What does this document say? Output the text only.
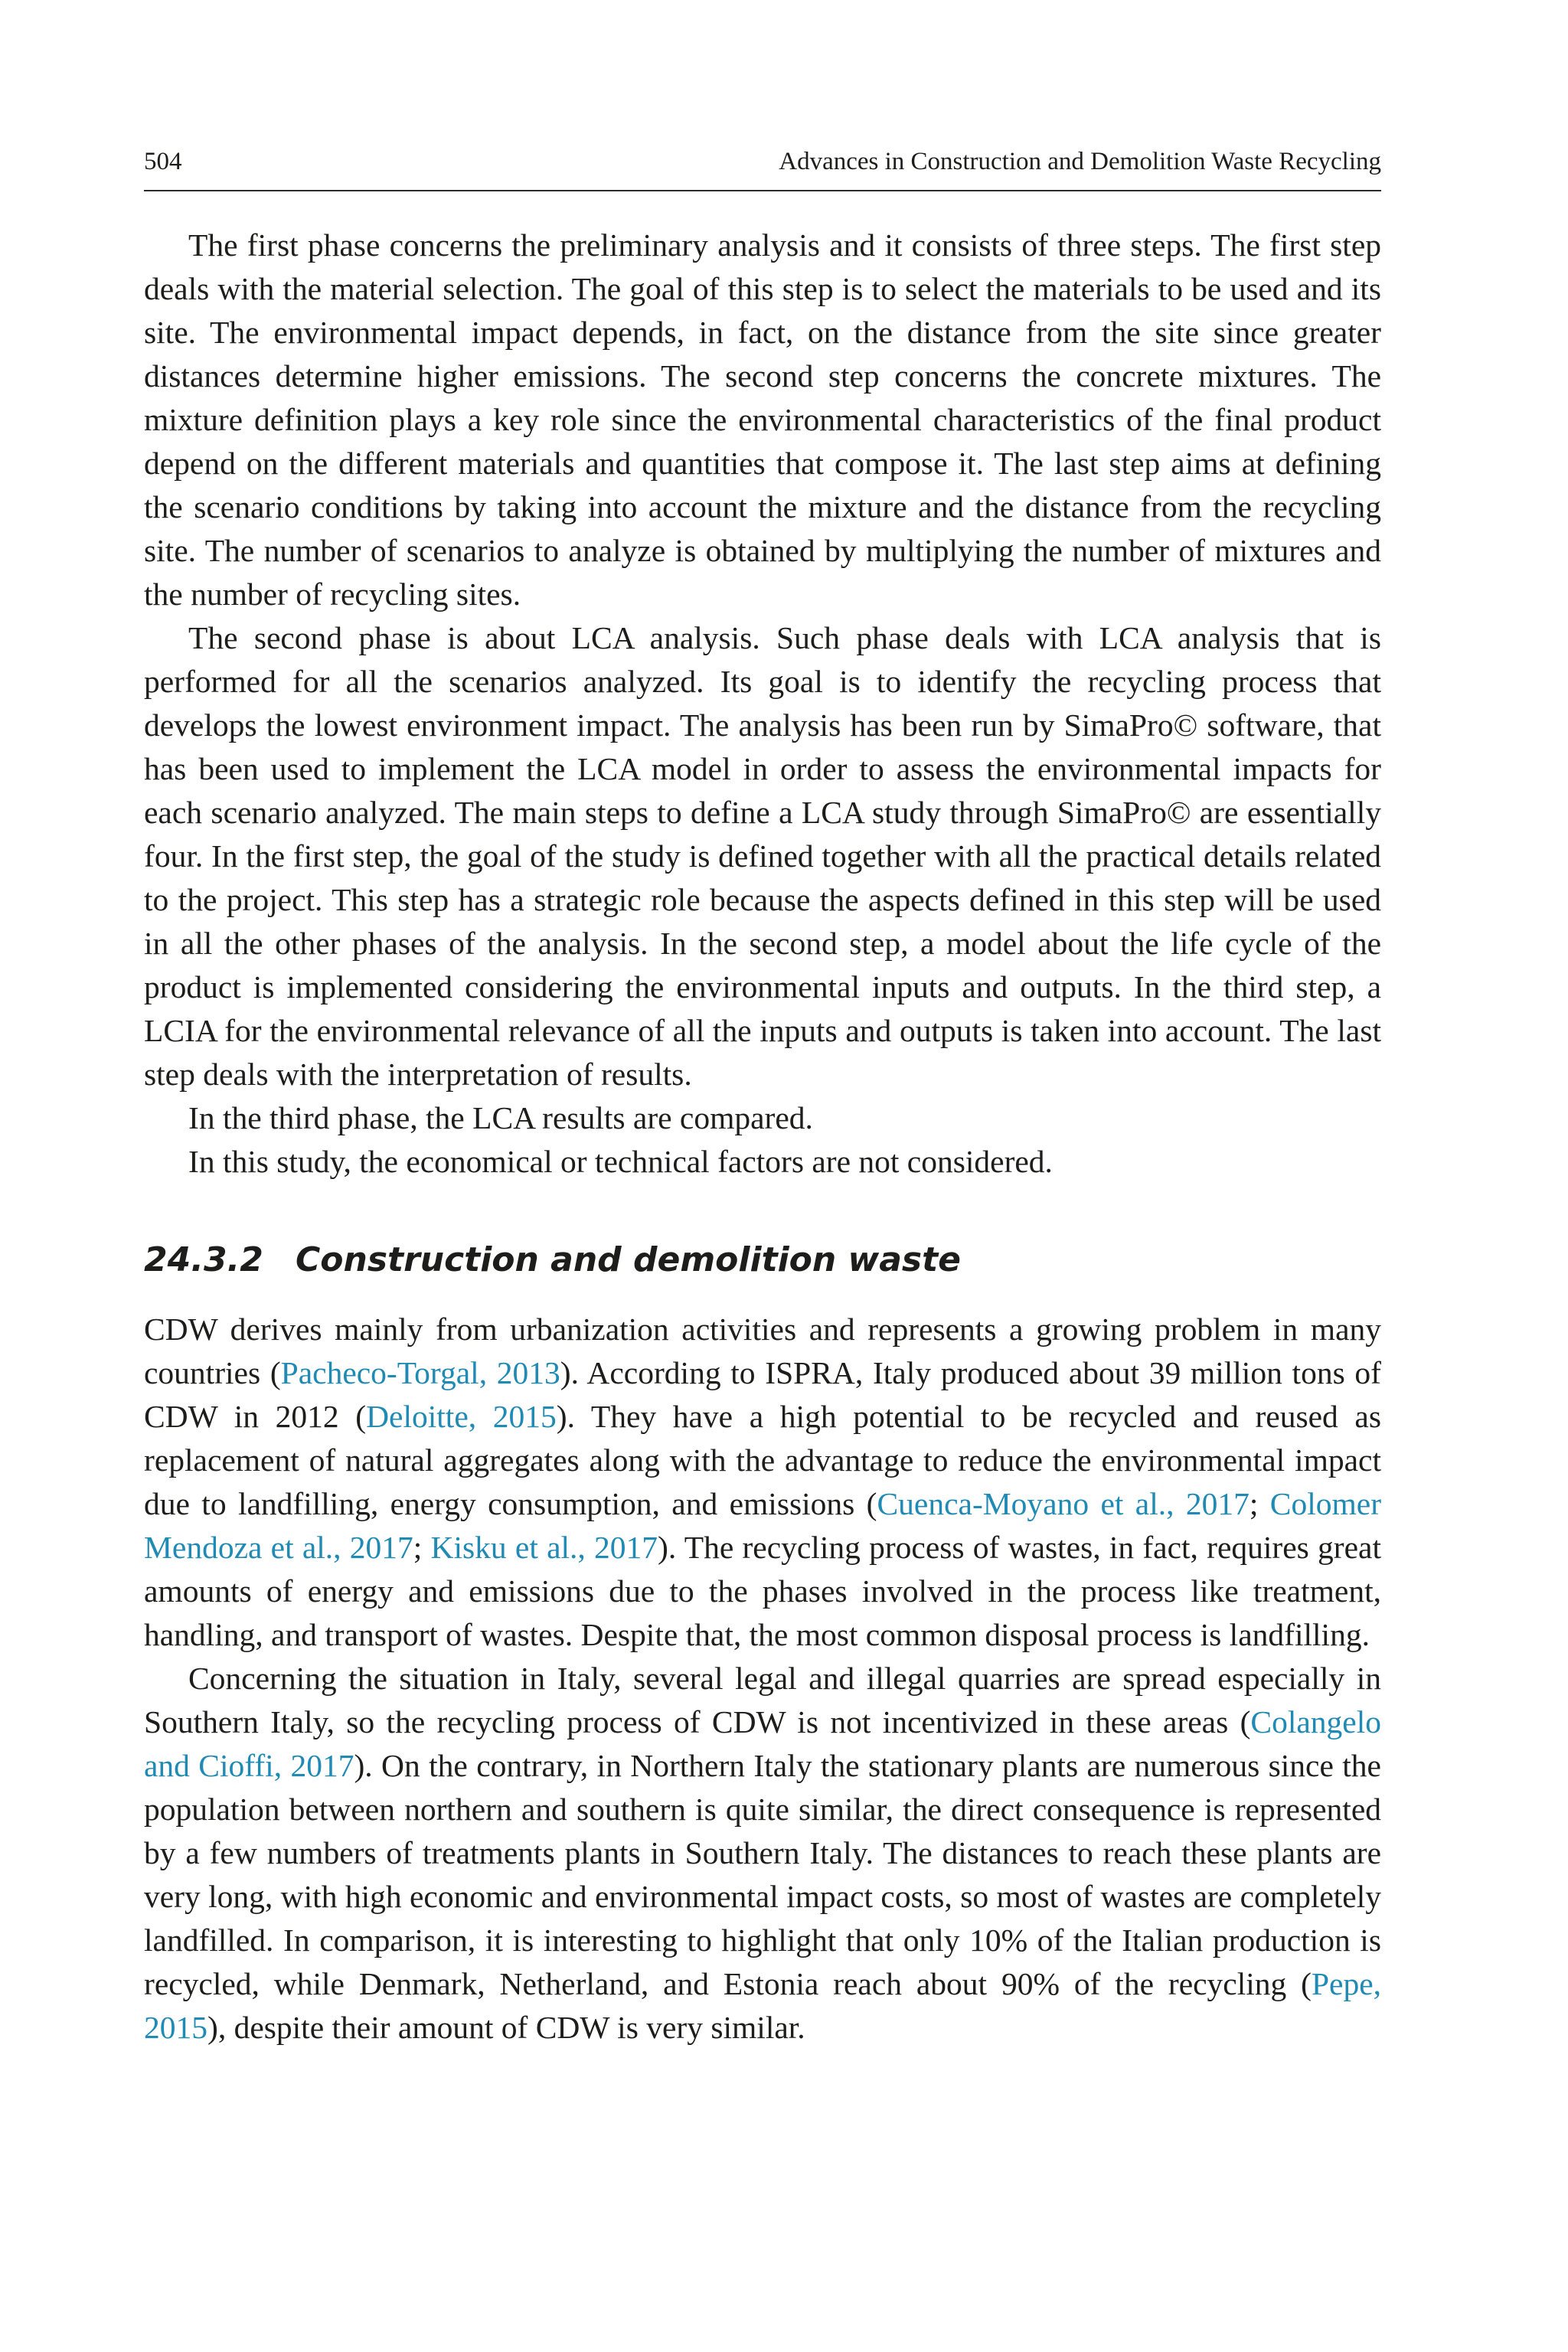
504	Advances in Construction and Demolition Waste Recycling

The first phase concerns the preliminary analysis and it consists of three steps. The first step deals with the material selection. The goal of this step is to select the materials to be used and its site. The environmental impact depends, in fact, on the distance from the site since greater distances determine higher emissions. The second step concerns the concrete mixtures. The mixture definition plays a key role since the environmental characteristics of the final product depend on the different materials and quantities that compose it. The last step aims at defining the scenario conditions by taking into account the mixture and the distance from the recycling site. The number of scenarios to analyze is obtained by multiplying the number of mixtures and the number of recycling sites.

The second phase is about LCA analysis. Such phase deals with LCA analysis that is performed for all the scenarios analyzed. Its goal is to identify the recycling process that develops the lowest environment impact. The analysis has been run by SimaPro© software, that has been used to implement the LCA model in order to assess the environmental impacts for each scenario analyzed. The main steps to define a LCA study through SimaPro© are essentially four. In the first step, the goal of the study is defined together with all the practical details related to the project. This step has a strategic role because the aspects defined in this step will be used in all the other phases of the analysis. In the second step, a model about the life cycle of the product is implemented considering the environmental inputs and outputs. In the third step, a LCIA for the environmental relevance of all the inputs and outputs is taken into account. The last step deals with the interpretation of results.

In the third phase, the LCA results are compared.

In this study, the economical or technical factors are not considered.

24.3.2 Construction and demolition waste

CDW derives mainly from urbanization activities and represents a growing problem in many countries (Pacheco-Torgal, 2013). According to ISPRA, Italy produced about 39 million tons of CDW in 2012 (Deloitte, 2015). They have a high potential to be recycled and reused as replacement of natural aggregates along with the advantage to reduce the environmental impact due to landfilling, energy consumption, and emissions (Cuenca-Moyano et al., 2017; Colomer Mendoza et al., 2017; Kisku et al., 2017). The recycling process of wastes, in fact, requires great amounts of energy and emissions due to the phases involved in the process like treatment, handling, and transport of wastes. Despite that, the most common disposal process is landfilling.

Concerning the situation in Italy, several legal and illegal quarries are spread especially in Southern Italy, so the recycling process of CDW is not incentivized in these areas (Colangelo and Cioffi, 2017). On the contrary, in Northern Italy the stationary plants are numerous since the population between northern and southern is quite similar, the direct consequence is represented by a few numbers of treatments plants in Southern Italy. The distances to reach these plants are very long, with high economic and environmental impact costs, so most of wastes are completely landfilled. In comparison, it is interesting to highlight that only 10% of the Italian production is recycled, while Denmark, Netherland, and Estonia reach about 90% of the recycling (Pepe, 2015), despite their amount of CDW is very similar.
